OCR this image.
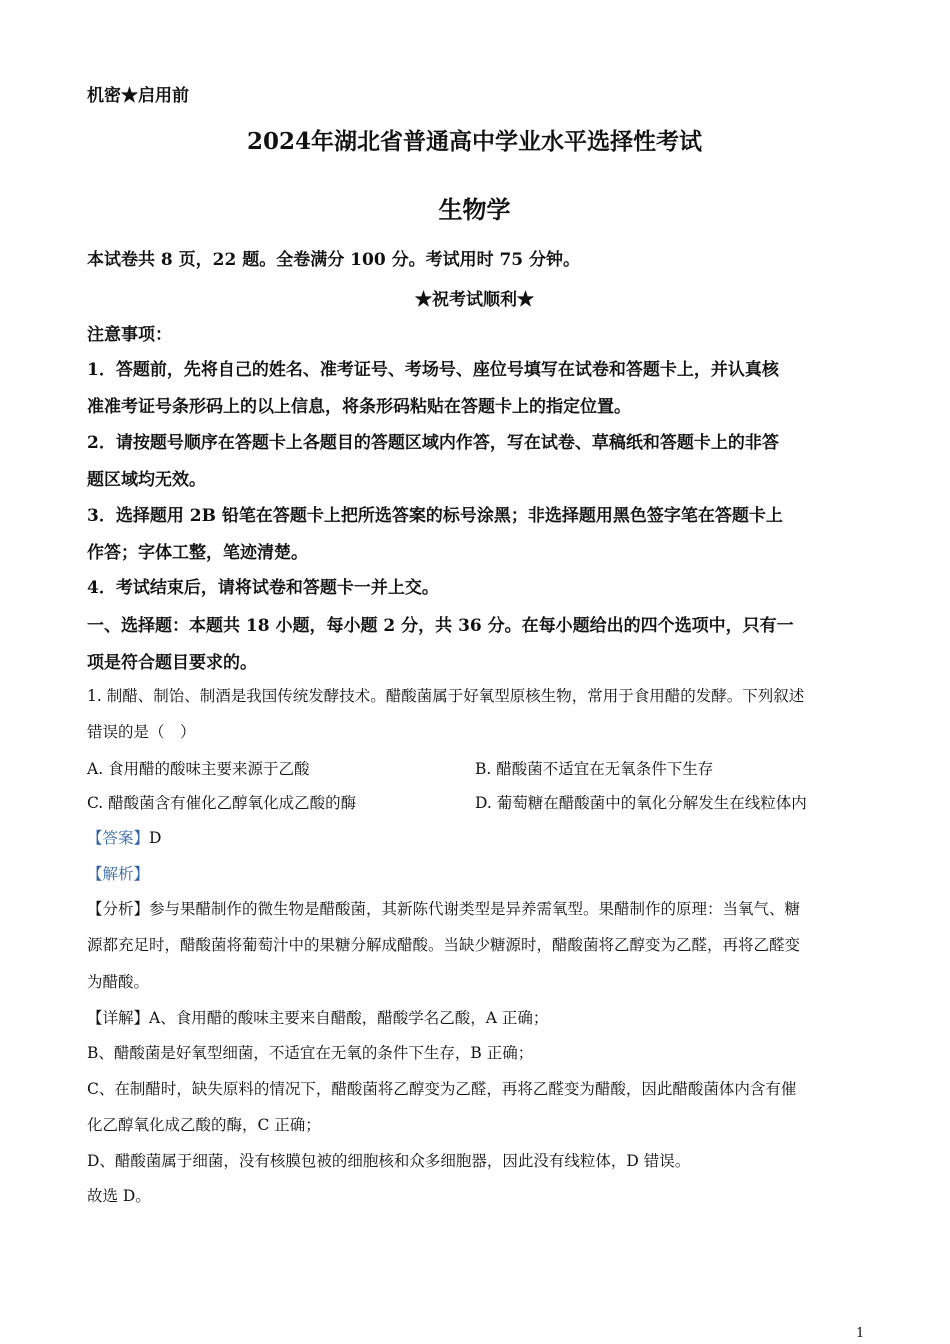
机密★启用前
2024年湖北省普通高中学业水平选择性考试
生物学
本试卷共 8 页，22 题。全卷满分 100 分。考试用时 75 分钟。
★祝考试顺利★
注意事项：
1．答题前，先将自己的姓名、准考证号、考场号、座位号填写在试卷和答题卡上，并认真核
准准考证号条形码上的以上信息，将条形码粘贴在答题卡上的指定位置。
2．请按题号顺序在答题卡上各题目的答题区域内作答，写在试卷、草稿纸和答题卡上的非答
题区域均无效。
3．选择题用 2B 铅笔在答题卡上把所选答案的标号涂黑；非选择题用黑色签字笔在答题卡上
作答；字体工整，笔迹清楚。
4．考试结束后，请将试卷和答题卡一并上交。
一、选择题：本题共 18 小题，每小题 2 分，共 36 分。在每小题给出的四个选项中，只有一
项是符合题目要求的。
1. 制醋、制饴、制酒是我国传统发酵技术。醋酸菌属于好氧型原核生物，常用于食用醋的发酵。下列叙述
错误的是（　）
A. 食用醋的酸味主要来源于乙酸	B. 醋酸菌不适宜在无氧条件下生存
C. 醋酸菌含有催化乙醇氧化成乙酸的酶	D. 葡萄糖在醋酸菌中的氧化分解发生在线粒体内
【答案】D
【解析】
【分析】参与果醋制作的微生物是醋酸菌，其新陈代谢类型是异养需氧型。果醋制作的原理：当氧气、糖
源都充足时，醋酸菌将葡萄汁中的果糖分解成醋酸。当缺少糖源时，醋酸菌将乙醇变为乙醛，再将乙醛变
为醋酸。
【详解】A、食用醋的酸味主要来自醋酸，醋酸学名乙酸，A 正确；
B、醋酸菌是好氧型细菌，不适宜在无氧的条件下生存，B 正确；
C、在制醋时，缺失原料的情况下，醋酸菌将乙醇变为乙醛，再将乙醛变为醋酸，因此醋酸菌体内含有催
化乙醇氧化成乙酸的酶，C 正确；
D、醋酸菌属于细菌，没有核膜包被的细胞核和众多细胞器，因此没有线粒体，D 错误。
故选 D。
1
